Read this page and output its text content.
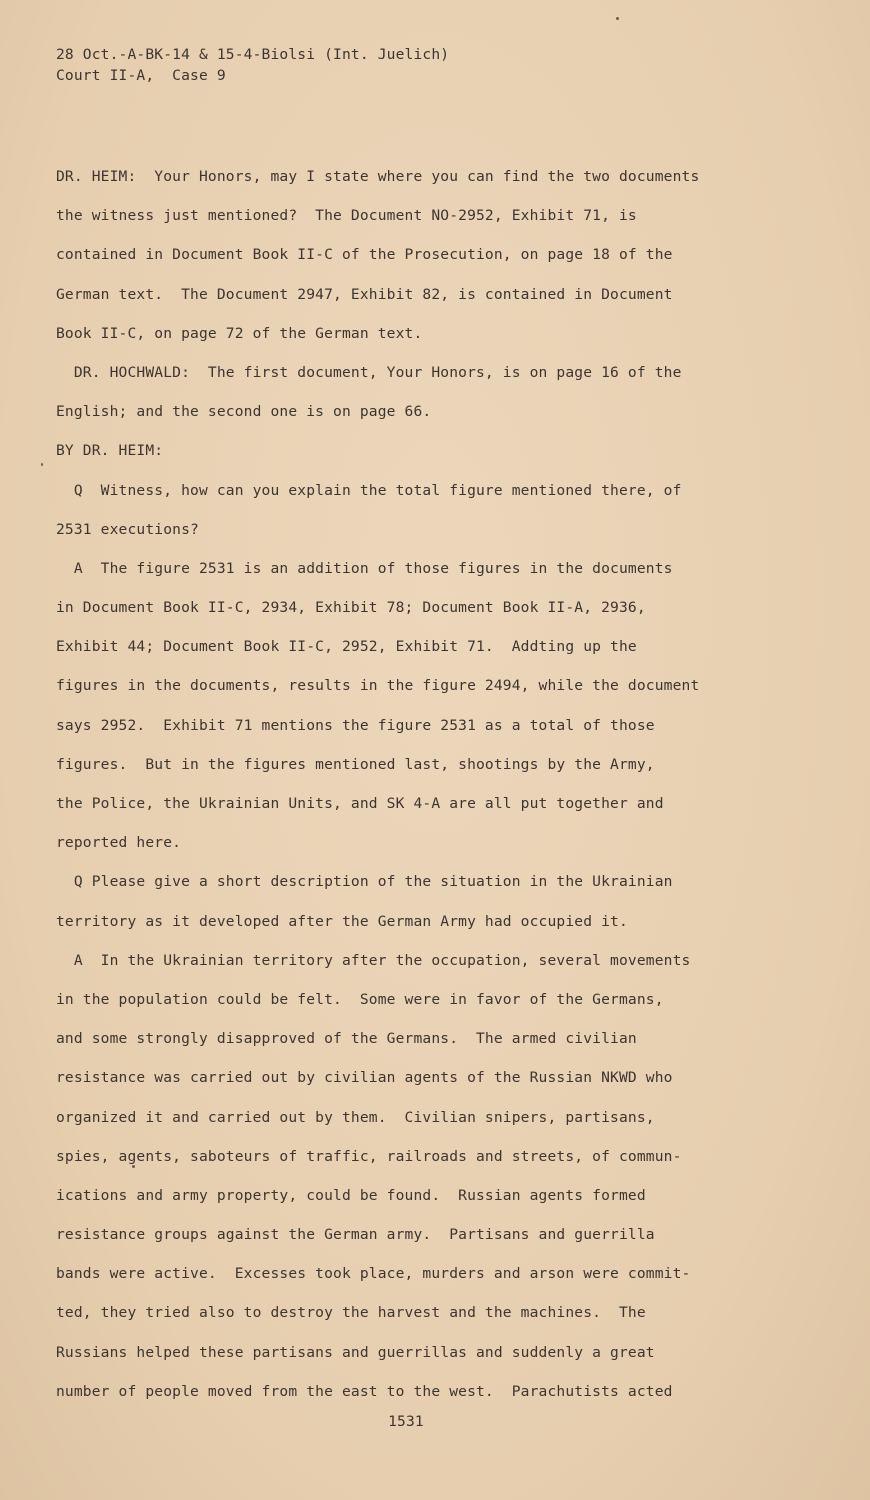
28 Oct.-A-BK-14 & 15-4-Biolsi (Int. Juelich)
Court II-A,  Case 9
DR. HEIM:  Your Honors, may I state where you can find the two documents
the witness just mentioned?  The Document NO-2952, Exhibit 71, is
contained in Document Book II-C of the Prosecution, on page 18 of the
German text.  The Document 2947, Exhibit 82, is contained in Document
Book II-C, on page 72 of the German text.
DR. HOCHWALD:  The first document, Your Honors, is on page 16 of the
English; and the second one is on page 66.
BY DR. HEIM:
Q  Witness, how can you explain the total figure mentioned there, of
2531 executions?
A  The figure 2531 is an addition of those figures in the documents
in Document Book II-C, 2934, Exhibit 78; Document Book II-A, 2936,
Exhibit 44; Document Book II-C, 2952, Exhibit 71.  Addting up the
figures in the documents, results in the figure 2494, while the document
says 2952.  Exhibit 71 mentions the figure 2531 as a total of those
figures.  But in the figures mentioned last, shootings by the Army,
the Police, the Ukrainian Units, and SK 4-A are all put together and
reported here.
Q Please give a short description of the situation in the Ukrainian
territory as it developed after the German Army had occupied it.
A  In the Ukrainian territory after the occupation, several movements
in the population could be felt.  Some were in favor of the Germans,
and some strongly disapproved of the Germans.  The armed civilian
resistance was carried out by civilian agents of the Russian NKWD who
organized it and carried out by them.  Civilian snipers, partisans,
spies, agents, saboteurs of traffic, railroads and streets, of commun-
ications and army property, could be found.  Russian agents formed
resistance groups against the German army.  Partisans and guerrilla
bands were active.  Excesses took place, murders and arson were commit-
ted, they tried also to destroy the harvest and the machines.  The
Russians helped these partisans and guerrillas and suddenly a great
number of people moved from the east to the west.  Parachutists acted
1531
